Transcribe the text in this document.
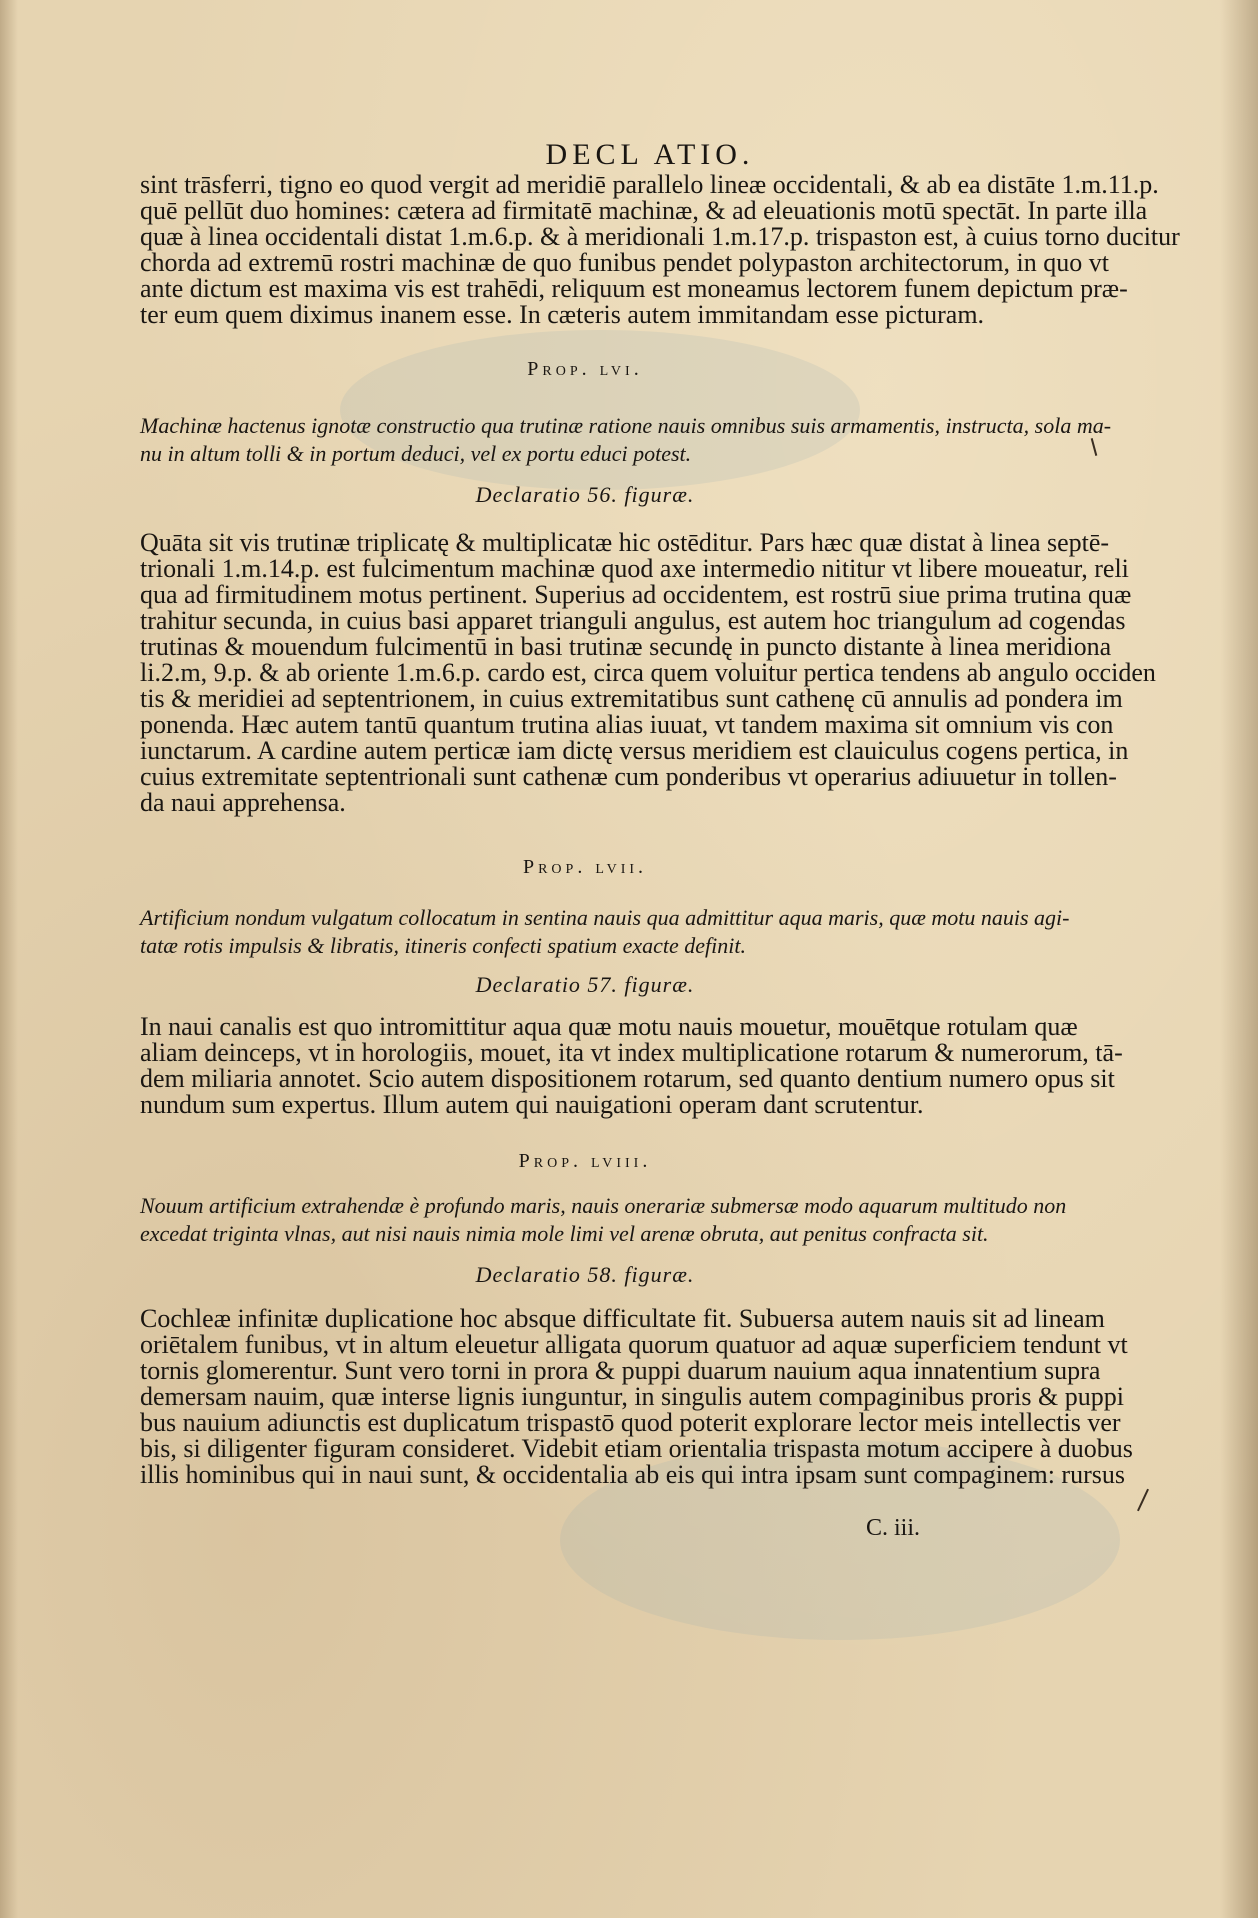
DECL ATIO.
sint trāsferri, tigno eo quod vergit ad meridiē parallelo lineæ occidentali, & ab ea distāte 1.m.11.p.
quē pellūt duo homines: cætera ad firmitatē machinæ, & ad eleuationis motū spectāt. In parte illa
quæ à linea occidentali distat 1.m.6.p. & à meridionali 1.m.17.p. trispaston est, à cuius torno ducitur
chorda ad extremū rostri machinæ de quo funibus pendet polypaston architectorum, in quo vt
ante dictum est maxima vis est trahēdi, reliquum est moneamus lectorem funem depictum præ-
ter eum quem diximus inanem esse. In cæteris autem immitandam esse picturam.
Prop. lvi.
Machinæ hactenus ignotæ constructio qua trutinæ ratione nauis omnibus suis armamentis, instructa, sola ma-
nu in altum tolli & in portum deduci, vel ex portu educi potest.
Declaratio 56. figuræ.
Quāta sit vis trutinæ triplicatę & multiplicatæ hic ostēditur. Pars hæc quæ distat à linea septē-
trionali 1.m.14.p. est fulcimentum machinæ quod axe intermedio nititur vt libere moueatur, reli
qua ad firmitudinem motus pertinent. Superius ad occidentem, est rostrū siue prima trutina quæ
trahitur secunda, in cuius basi apparet trianguli angulus, est autem hoc triangulum ad cogendas
trutinas & mouendum fulcimentū in basi trutinæ secundę in puncto distante à linea meridiona
li.2.m, 9.p. & ab oriente 1.m.6.p. cardo est, circa quem voluitur pertica tendens ab angulo occiden
tis & meridiei ad septentrionem, in cuius extremitatibus sunt cathenę cū annulis ad pondera im
ponenda. Hæc autem tantū quantum trutina alias iuuat, vt tandem maxima sit omnium vis con
iunctarum. A cardine autem perticæ iam dictę versus meridiem est clauiculus cogens pertica, in
cuius extremitate septentrionali sunt cathenæ cum ponderibus vt operarius adiuuetur in tollen-
da naui apprehensa.
Prop. lvii.
Artificium nondum vulgatum collocatum in sentina nauis qua admittitur aqua maris, quæ motu nauis agi-
tatæ rotis impulsis & libratis, itineris confecti spatium exacte definit.
Declaratio 57. figuræ.
In naui canalis est quo intromittitur aqua quæ motu nauis mouetur, mouētque rotulam quæ
aliam deinceps, vt in horologiis, mouet, ita vt index multiplicatione rotarum & numerorum, tā-
dem miliaria annotet. Scio autem dispositionem rotarum, sed quanto dentium numero opus sit
nundum sum expertus. Illum autem qui nauigationi operam dant scrutentur.
Prop. lviii.
Nouum artificium extrahendæ è profundo maris, nauis onerariæ submersæ modo aquarum multitudo non
excedat triginta vlnas, aut nisi nauis nimia mole limi vel arenæ obruta, aut penitus confracta sit.
Declaratio 58. figuræ.
Cochleæ infinitæ duplicatione hoc absque difficultate fit. Subuersa autem nauis sit ad lineam
oriētalem funibus, vt in altum eleuetur alligata quorum quatuor ad aquæ superficiem tendunt vt
tornis glomerentur. Sunt vero torni in prora & puppi duarum nauium aqua innatentium supra
demersam nauim, quæ interse lignis iunguntur, in singulis autem compaginibus proris & puppi
bus nauium adiunctis est duplicatum trispastō quod poterit explorare lector meis intellectis ver
bis, si diligenter figuram consideret. Videbit etiam orientalia trispasta motum accipere à duobus
illis hominibus qui in naui sunt, & occidentalia ab eis qui intra ipsam sunt compaginem: rursus
C. iii.
